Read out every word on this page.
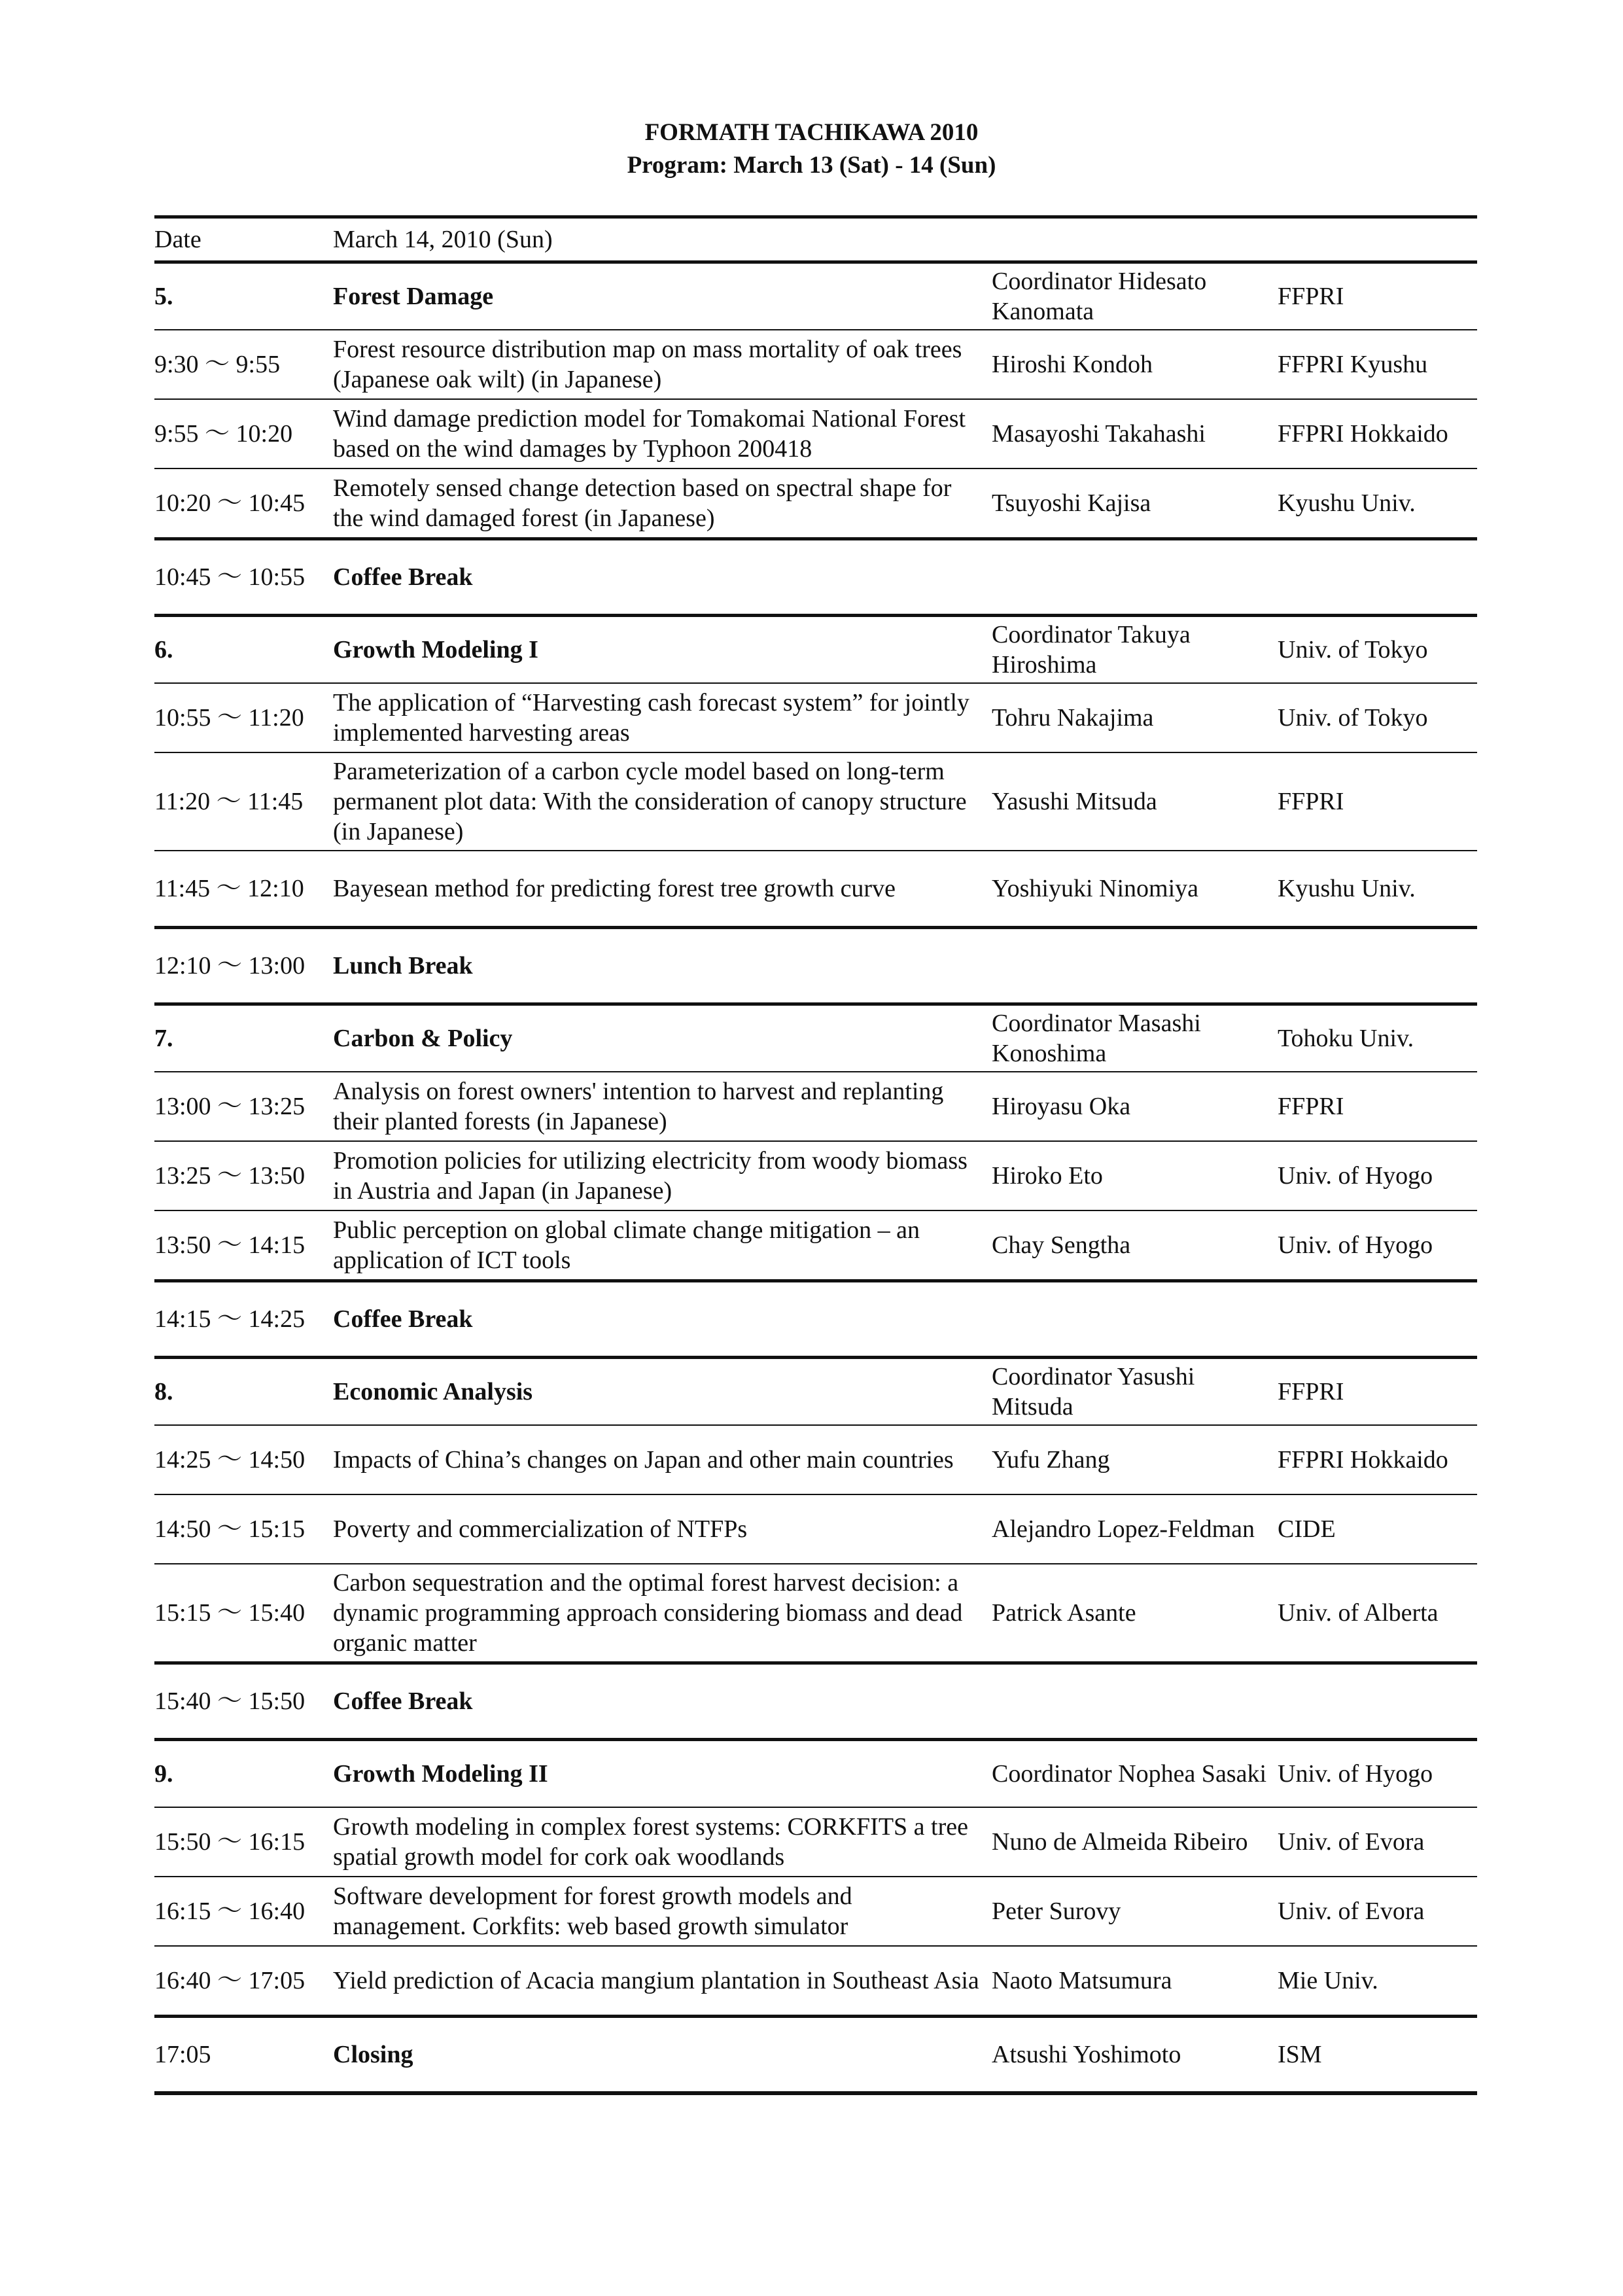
FORMATH TACHIKAWA 2010
Program: March 13 (Sat) - 14 (Sun)
Date	March 14, 2010 (Sun)		
5.	Forest Damage	Coordinator Hidesato Kanomata	FFPRI
9:30 〜 9:55	Forest resource distribution map on mass mortality of oak trees (Japanese oak wilt) (in Japanese)	Hiroshi Kondoh	FFPRI Kyushu
9:55 〜 10:20	Wind damage prediction model for Tomakomai National Forest based on the wind damages by Typhoon 200418	Masayoshi Takahashi	FFPRI Hokkaido
10:20 〜 10:45	Remotely sensed change detection based on spectral shape for the wind damaged forest (in Japanese)	Tsuyoshi Kajisa	Kyushu Univ.
10:45 〜 10:55	Coffee Break		
6.	Growth Modeling I	Coordinator Takuya Hiroshima	Univ. of Tokyo
10:55 〜 11:20	The application of “Harvesting cash forecast system” for jointly implemented harvesting areas	Tohru Nakajima	Univ. of Tokyo
11:20 〜 11:45	Parameterization of a carbon cycle model based on long-term permanent plot data: With the consideration of canopy structure (in Japanese)	Yasushi Mitsuda	FFPRI
11:45 〜 12:10	Bayesean method for predicting forest tree growth curve	Yoshiyuki Ninomiya	Kyushu Univ.
12:10 〜 13:00	Lunch Break		
7.	Carbon & Policy	Coordinator Masashi Konoshima	Tohoku Univ.
13:00 〜 13:25	Analysis on forest owners' intention to harvest and replanting their planted forests (in Japanese)	Hiroyasu Oka	FFPRI
13:25 〜 13:50	Promotion policies for utilizing electricity from woody biomass in Austria and Japan (in Japanese)	Hiroko Eto	Univ. of Hyogo
13:50 〜 14:15	Public perception on global climate change mitigation – an application of ICT tools	Chay Sengtha	Univ. of Hyogo
14:15 〜 14:25	Coffee Break		
8.	Economic Analysis	Coordinator Yasushi Mitsuda	FFPRI
14:25 〜 14:50	Impacts of China’s changes on Japan and other main countries	Yufu Zhang	FFPRI Hokkaido
14:50 〜 15:15	Poverty and commercialization of NTFPs	Alejandro Lopez-Feldman	CIDE
15:15 〜 15:40	Carbon sequestration and the optimal forest harvest decision: a dynamic programming approach considering biomass and dead organic matter	Patrick Asante	Univ. of Alberta
15:40 〜 15:50	Coffee Break		
9.	Growth Modeling II	Coordinator Nophea Sasaki	Univ. of Hyogo
15:50 〜 16:15	Growth modeling in complex forest systems: CORKFITS a tree spatial growth model for cork oak woodlands	Nuno de Almeida Ribeiro	Univ. of Evora
16:15 〜 16:40	Software development for forest growth models and management. Corkfits: web based growth simulator	Peter Surovy	Univ. of Evora
16:40 〜 17:05	Yield prediction of Acacia mangium plantation in Southeast Asia	Naoto Matsumura	Mie Univ.
17:05	Closing	Atsushi Yoshimoto	ISM
